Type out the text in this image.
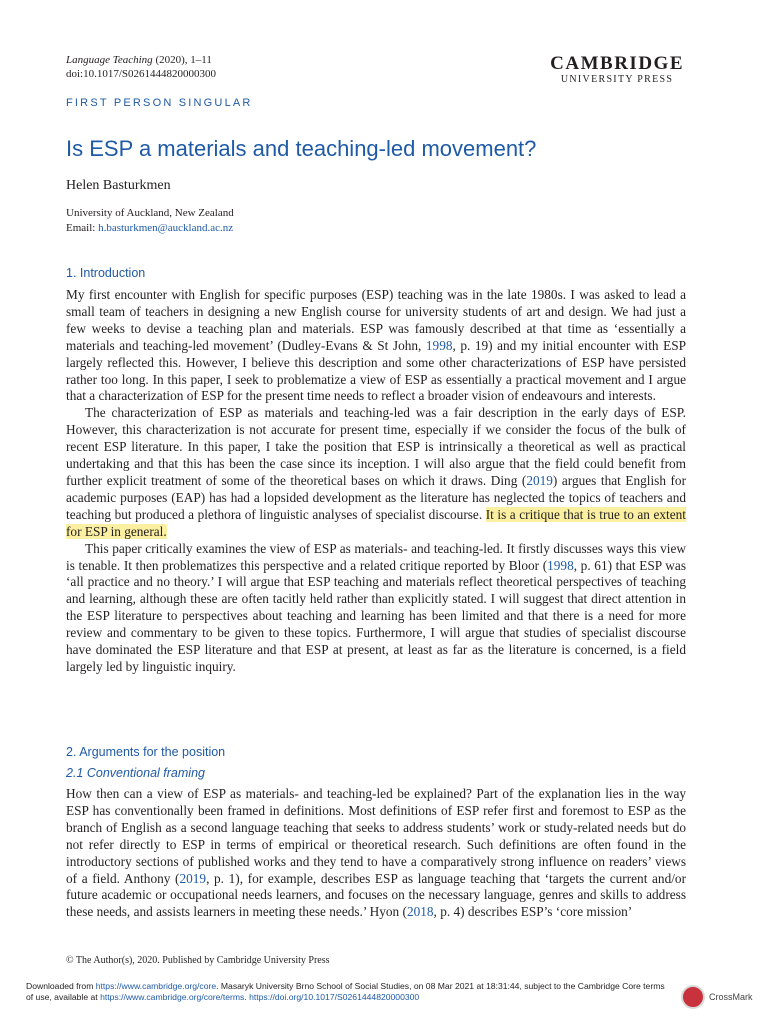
Language Teaching (2020), 1–11
doi:10.1017/S0261444820000300	CAMBRIDGE
UNIVERSITY PRESS
FIRST PERSON SINGULAR
Is ESP a materials and teaching-led movement?
Helen Basturkmen
University of Auckland, New Zealand
Email: h.basturkmen@auckland.ac.nz
1. Introduction

My first encounter with English for specific purposes (ESP) teaching was in the late 1980s. I was asked to lead a small team of teachers in designing a new English course for university students of art and design. We had just a few weeks to devise a teaching plan and materials. ESP was famously described at that time as ‘essentially a materials and teaching-led movement’ (Dudley-Evans & St John, 1998, p. 19) and my initial encounter with ESP largely reflected this. However, I believe this description and some other characterizations of ESP have persisted rather too long. In this paper, I seek to problematize a view of ESP as essentially a practical movement and I argue that a characterization of ESP for the present time needs to reflect a broader vision of endeavours and interests.

The characterization of ESP as materials and teaching-led was a fair description in the early days of ESP. However, this characterization is not accurate for present time, especially if we consider the focus of the bulk of recent ESP literature. In this paper, I take the position that ESP is intrinsically a theoretical as well as practical undertaking and that this has been the case since its inception. I will also argue that the field could benefit from further explicit treatment of some of the theoretical bases on which it draws. Ding (2019) argues that English for academic purposes (EAP) has had a lopsided development as the literature has neglected the topics of teachers and teaching but produced a plethora of linguistic analyses of specialist discourse. It is a critique that is true to an extent for ESP in general.

This paper critically examines the view of ESP as materials- and teaching-led. It firstly discusses ways this view is tenable. It then problematizes this perspective and a related critique reported by Bloor (1998, p. 61) that ESP was ‘all practice and no theory.’ I will argue that ESP teaching and materials reflect theoretical perspectives of teaching and learning, although these are often tacitly held rather than explicitly stated. I will suggest that direct attention in the ESP literature to perspectives about teaching and learning has been limited and that there is a need for more review and commentary to be given to these topics. Furthermore, I will argue that studies of specialist discourse have dominated the ESP literature and that ESP at present, at least as far as the literature is concerned, is a field largely led by linguistic inquiry.

2. Arguments for the position
2.1 Conventional framing

How then can a view of ESP as materials- and teaching-led be explained? Part of the explanation lies in the way ESP has conventionally been framed in definitions. Most definitions of ESP refer first and foremost to ESP as the branch of English as a second language teaching that seeks to address students’ work or study-related needs but do not refer directly to ESP in terms of empirical or theoretical research. Such definitions are often found in the introductory sections of published works and they tend to have a comparatively strong influence on readers’ views of a field. Anthony (2019, p. 1), for example, describes ESP as language teaching that ‘targets the current and/or future academic or occupational needs learners, and focuses on the necessary language, genres and skills to address these needs, and assists learners in meeting these needs.’ Hyon (2018, p. 4) describes ESP’s ‘core mission’

© The Author(s), 2020. Published by Cambridge University Press
Downloaded from https://www.cambridge.org/core. Masaryk University Brno School of Social Studies, on 08 Mar 2021 at 18:31:44, subject to the Cambridge Core terms of use, available at https://www.cambridge.org/core/terms. https://doi.org/10.1017/S0261444820000300	CrossMark
